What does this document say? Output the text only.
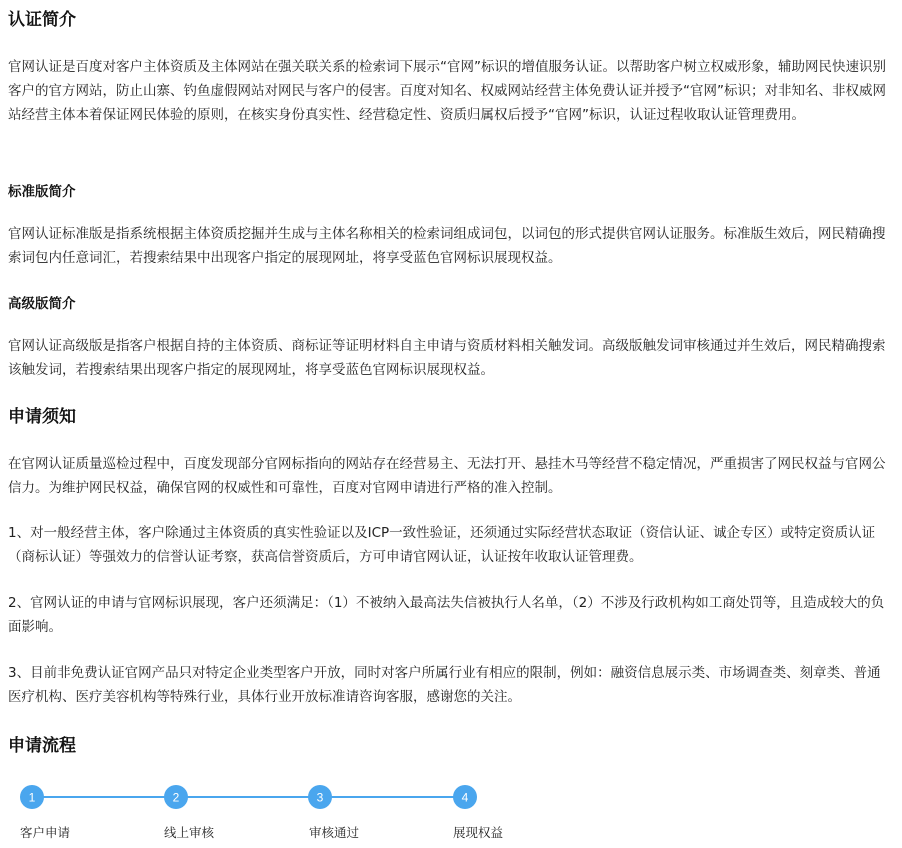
认证简介

官网认证是百度对客户主体资质及主体网站在强关联关系的检索词下展示“官网”标识的增值服务认证。以帮助客户树立权威形象，辅助网民快速识别客户的官方网站，防止山寨、钓鱼虚假网站对网民与客户的侵害。百度对知名、权威网站经营主体免费认证并授予“官网”标识；对非知名、非权威网站经营主体本着保证网民体验的原则，在核实身份真实性、经营稳定性、资质归属权后授予“官网”标识，认证过程收取认证管理费用。

标准版简介

官网认证标准版是指系统根据主体资质挖掘并生成与主体名称相关的检索词组成词包，以词包的形式提供官网认证服务。标准版生效后，网民精确搜索词包内任意词汇，若搜索结果中出现客户指定的展现网址，将享受蓝色官网标识展现权益。

高级版简介

官网认证高级版是指客户根据自持的主体资质、商标证等证明材料自主申请与资质材料相关触发词。高级版触发词审核通过并生效后，网民精确搜索该触发词，若搜索结果出现客户指定的展现网址，将享受蓝色官网标识展现权益。

申请须知

在官网认证质量巡检过程中，百度发现部分官网标指向的网站存在经营易主、无法打开、悬挂木马等经营不稳定情况，严重损害了网民权益与官网公信力。为维护网民权益，确保官网的权威性和可靠性，百度对官网申请进行严格的准入控制。

1、对一般经营主体，客户除通过主体资质的真实性验证以及ICP一致性验证，还须通过实际经营状态取证（资信认证、诚企专区）或特定资质认证（商标认证）等强效力的信誉认证考察，获高信誉资质后，方可申请官网认证，认证按年收取认证管理费。

2、官网认证的申请与官网标识展现，客户还须满足：（1）不被纳入最高法失信被执行人名单，（2）不涉及行政机构如工商处罚等，且造成较大的负面影响。

3、目前非免费认证官网产品只对特定企业类型客户开放，同时对客户所属行业有相应的限制，例如：融资信息展示类、市场调查类、刻章类、普通医疗机构、医疗美容机构等特殊行业，具体行业开放标准请咨询客服，感谢您的关注。

申请流程
1	2	3	4
客户申请	线上审核	审核通过	展现权益
